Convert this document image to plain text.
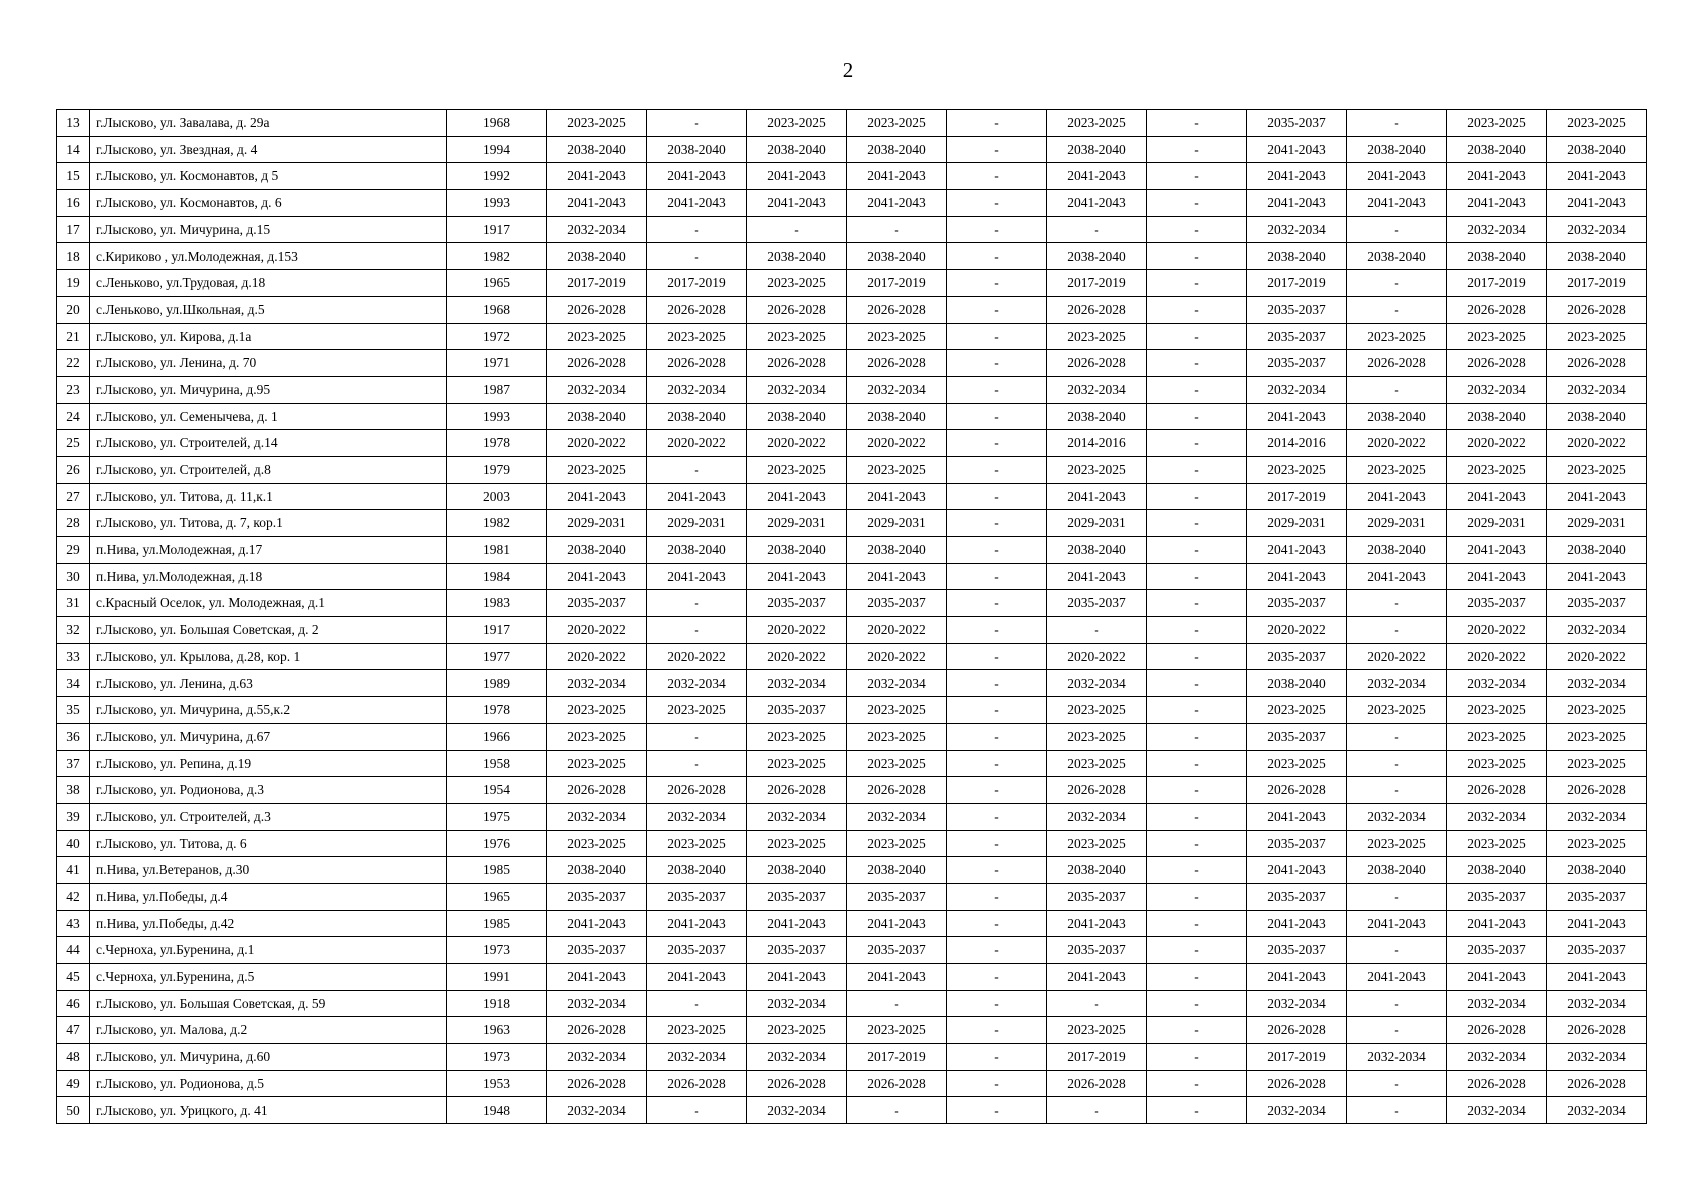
2
13	г.Лысково, ул. Завалава, д. 29а	1968	2023-2025	-	2023-2025	2023-2025	-	2023-2025	-	2035-2037	-	2023-2025	2023-2025
14	г.Лысково, ул. Звездная, д. 4	1994	2038-2040	2038-2040	2038-2040	2038-2040	-	2038-2040	-	2041-2043	2038-2040	2038-2040	2038-2040
15	г.Лысково, ул. Космонавтов, д 5	1992	2041-2043	2041-2043	2041-2043	2041-2043	-	2041-2043	-	2041-2043	2041-2043	2041-2043	2041-2043
16	г.Лысково, ул. Космонавтов, д. 6	1993	2041-2043	2041-2043	2041-2043	2041-2043	-	2041-2043	-	2041-2043	2041-2043	2041-2043	2041-2043
17	г.Лысково, ул. Мичурина, д.15	1917	2032-2034	-	-	-	-	-	-	2032-2034	-	2032-2034	2032-2034
18	с.Кириково , ул.Молодежная, д.153	1982	2038-2040	-	2038-2040	2038-2040	-	2038-2040	-	2038-2040	2038-2040	2038-2040	2038-2040
19	с.Леньково, ул.Трудовая, д.18	1965	2017-2019	2017-2019	2023-2025	2017-2019	-	2017-2019	-	2017-2019	-	2017-2019	2017-2019
20	с.Леньково, ул.Школьная, д.5	1968	2026-2028	2026-2028	2026-2028	2026-2028	-	2026-2028	-	2035-2037	-	2026-2028	2026-2028
21	г.Лысково, ул. Кирова, д.1а	1972	2023-2025	2023-2025	2023-2025	2023-2025	-	2023-2025	-	2035-2037	2023-2025	2023-2025	2023-2025
22	г.Лысково, ул. Ленина, д. 70	1971	2026-2028	2026-2028	2026-2028	2026-2028	-	2026-2028	-	2035-2037	2026-2028	2026-2028	2026-2028
23	г.Лысково, ул. Мичурина, д.95	1987	2032-2034	2032-2034	2032-2034	2032-2034	-	2032-2034	-	2032-2034	-	2032-2034	2032-2034
24	г.Лысково, ул. Семенычева, д. 1	1993	2038-2040	2038-2040	2038-2040	2038-2040	-	2038-2040	-	2041-2043	2038-2040	2038-2040	2038-2040
25	г.Лысково, ул. Строителей, д.14	1978	2020-2022	2020-2022	2020-2022	2020-2022	-	2014-2016	-	2014-2016	2020-2022	2020-2022	2020-2022
26	г.Лысково, ул. Строителей, д.8	1979	2023-2025	-	2023-2025	2023-2025	-	2023-2025	-	2023-2025	2023-2025	2023-2025	2023-2025
27	г.Лысково, ул. Титова, д. 11,к.1	2003	2041-2043	2041-2043	2041-2043	2041-2043	-	2041-2043	-	2017-2019	2041-2043	2041-2043	2041-2043
28	г.Лысково, ул. Титова, д. 7, кор.1	1982	2029-2031	2029-2031	2029-2031	2029-2031	-	2029-2031	-	2029-2031	2029-2031	2029-2031	2029-2031
29	п.Нива, ул.Молодежная, д.17	1981	2038-2040	2038-2040	2038-2040	2038-2040	-	2038-2040	-	2041-2043	2038-2040	2041-2043	2038-2040
30	п.Нива, ул.Молодежная, д.18	1984	2041-2043	2041-2043	2041-2043	2041-2043	-	2041-2043	-	2041-2043	2041-2043	2041-2043	2041-2043
31	с.Красный Оселок, ул. Молодежная, д.1	1983	2035-2037	-	2035-2037	2035-2037	-	2035-2037	-	2035-2037	-	2035-2037	2035-2037
32	г.Лысково, ул. Большая Советская, д. 2	1917	2020-2022	-	2020-2022	2020-2022	-	-	-	2020-2022	-	2020-2022	2032-2034
33	г.Лысково, ул. Крылова, д.28, кор. 1	1977	2020-2022	2020-2022	2020-2022	2020-2022	-	2020-2022	-	2035-2037	2020-2022	2020-2022	2020-2022
34	г.Лысково, ул. Ленина, д.63	1989	2032-2034	2032-2034	2032-2034	2032-2034	-	2032-2034	-	2038-2040	2032-2034	2032-2034	2032-2034
35	г.Лысково, ул. Мичурина, д.55,к.2	1978	2023-2025	2023-2025	2035-2037	2023-2025	-	2023-2025	-	2023-2025	2023-2025	2023-2025	2023-2025
36	г.Лысково, ул. Мичурина, д.67	1966	2023-2025	-	2023-2025	2023-2025	-	2023-2025	-	2035-2037	-	2023-2025	2023-2025
37	г.Лысково, ул. Репина, д.19	1958	2023-2025	-	2023-2025	2023-2025	-	2023-2025	-	2023-2025	-	2023-2025	2023-2025
38	г.Лысково, ул. Родионова, д.3	1954	2026-2028	2026-2028	2026-2028	2026-2028	-	2026-2028	-	2026-2028	-	2026-2028	2026-2028
39	г.Лысково, ул. Строителей, д.3	1975	2032-2034	2032-2034	2032-2034	2032-2034	-	2032-2034	-	2041-2043	2032-2034	2032-2034	2032-2034
40	г.Лысково, ул. Титова, д. 6	1976	2023-2025	2023-2025	2023-2025	2023-2025	-	2023-2025	-	2035-2037	2023-2025	2023-2025	2023-2025
41	п.Нива, ул.Ветеранов, д.30	1985	2038-2040	2038-2040	2038-2040	2038-2040	-	2038-2040	-	2041-2043	2038-2040	2038-2040	2038-2040
42	п.Нива, ул.Победы, д.4	1965	2035-2037	2035-2037	2035-2037	2035-2037	-	2035-2037	-	2035-2037	-	2035-2037	2035-2037
43	п.Нива, ул.Победы, д.42	1985	2041-2043	2041-2043	2041-2043	2041-2043	-	2041-2043	-	2041-2043	2041-2043	2041-2043	2041-2043
44	с.Черноха, ул.Буренина, д.1	1973	2035-2037	2035-2037	2035-2037	2035-2037	-	2035-2037	-	2035-2037	-	2035-2037	2035-2037
45	с.Черноха, ул.Буренина, д.5	1991	2041-2043	2041-2043	2041-2043	2041-2043	-	2041-2043	-	2041-2043	2041-2043	2041-2043	2041-2043
46	г.Лысково, ул. Большая Советская, д. 59	1918	2032-2034	-	2032-2034	-	-	-	-	2032-2034	-	2032-2034	2032-2034
47	г.Лысково, ул. Малова, д.2	1963	2026-2028	2023-2025	2023-2025	2023-2025	-	2023-2025	-	2026-2028	-	2026-2028	2026-2028
48	г.Лысково, ул. Мичурина, д.60	1973	2032-2034	2032-2034	2032-2034	2017-2019	-	2017-2019	-	2017-2019	2032-2034	2032-2034	2032-2034
49	г.Лысково, ул. Родионова, д.5	1953	2026-2028	2026-2028	2026-2028	2026-2028	-	2026-2028	-	2026-2028	-	2026-2028	2026-2028
50	г.Лысково, ул. Урицкого, д. 41	1948	2032-2034	-	2032-2034	-	-	-	-	2032-2034	-	2032-2034	2032-2034
